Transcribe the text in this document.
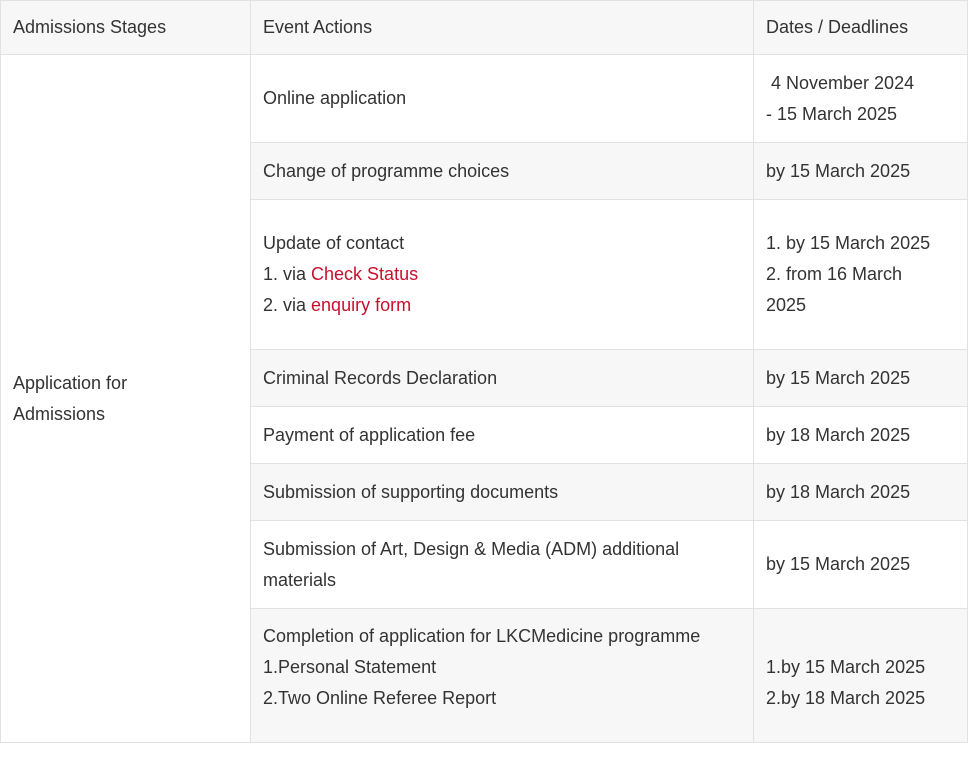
Admissions Stages	Event Actions	Dates / Deadlines

Application for Admissions	Online application	4 November 2024
- 15 March 2025

	Change of programme choices	by 15 March 2025

	Update of contact
1. via Check Status
2. via enquiry form	1. by 15 March 2025
2. from 16 March 2025

	Criminal Records Declaration	by 15 March 2025
	Payment of application fee	by 18 March 2025
	Submission of supporting documents	by 18 March 2025

	Submission of Art, Design & Media (ADM) additional materials	by 15 March 2025

	Completion of application for LKCMedicine programme
1.Personal Statement
2.Two Online Referee Report	1.by 15 March 2025
2.by 18 March 2025
